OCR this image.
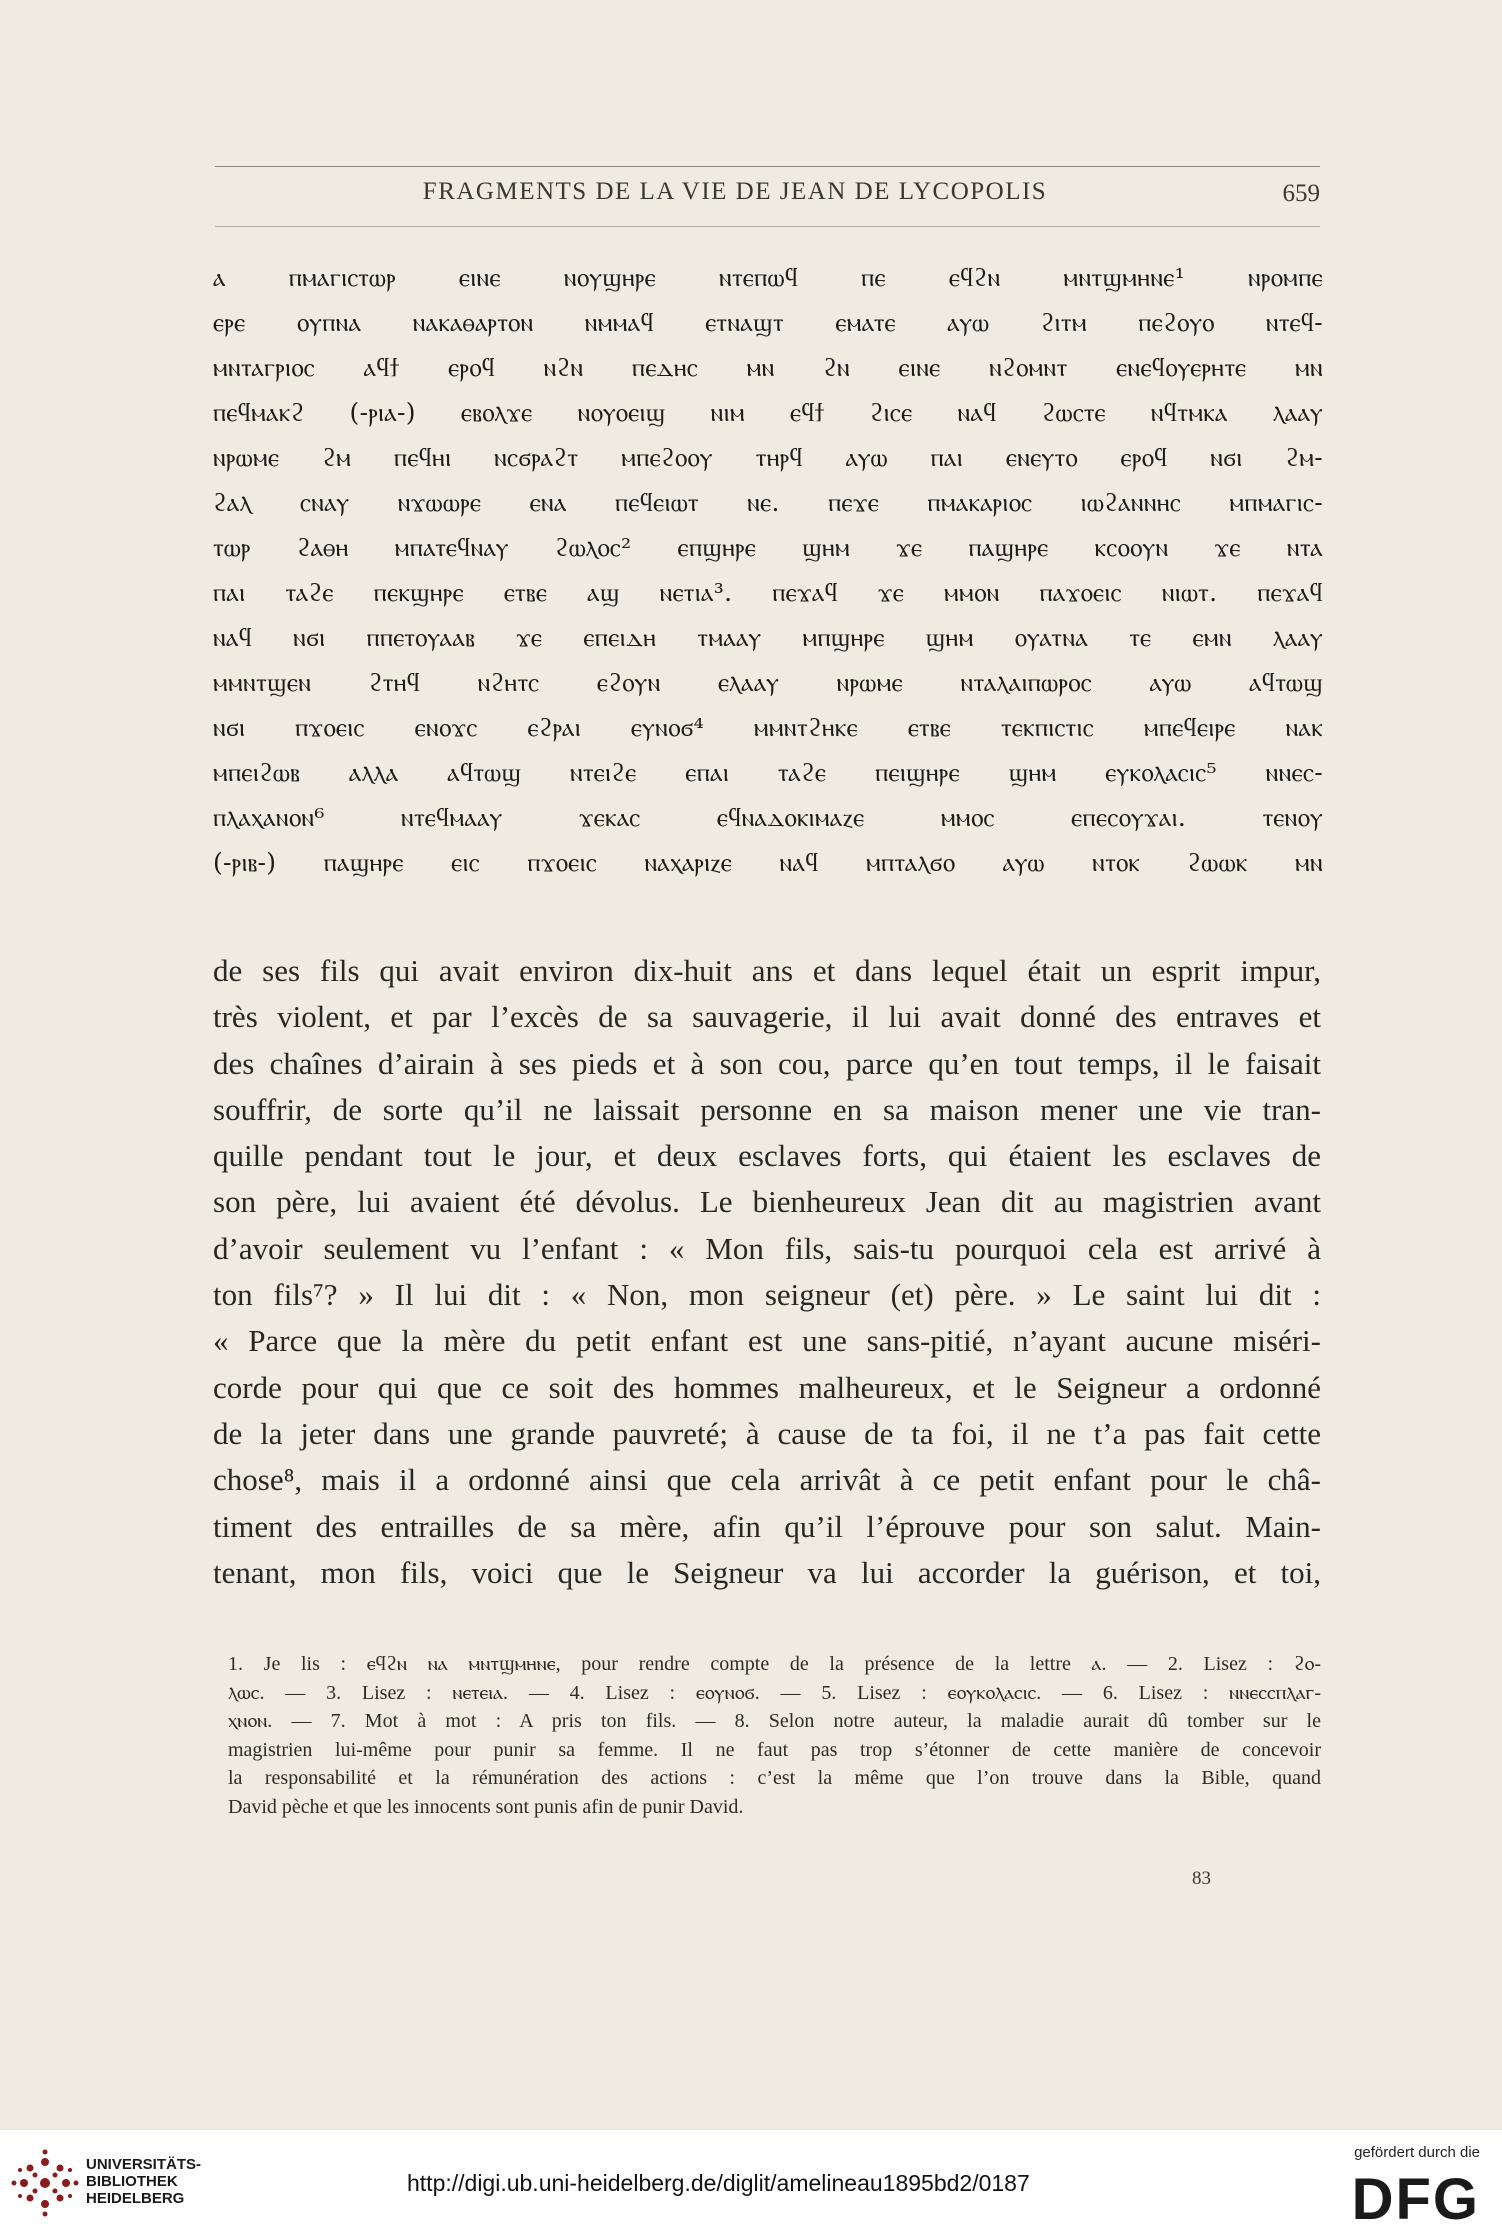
FRAGMENTS DE LA VIE DE JEAN DE LYCOPOLIS	659
ⲁ ⲡⲙⲁⲅⲓⲥⲧⲱⲣ ⲉⲓⲛⲉ ⲛⲟⲩϣⲏⲣⲉ ⲛⲧⲉⲡⲱϥ ⲡⲉ ⲉϥϩⲛ ⲙⲛⲧϣⲙⲏⲛⲉ¹ ⲛⲣⲟⲙⲡⲉ
ⲉⲣⲉ ⲟⲩⲡⲛⲁ ⲛⲁⲕⲁⲑⲁⲣⲧⲟⲛ ⲛⲙⲙⲁϥ ⲉⲧⲛⲁϣⲧ ⲉⲙⲁⲧⲉ ⲁⲩⲱ ϩⲓⲧⲙ ⲡⲉϩⲟⲩⲟ ⲛⲧⲉϥ-
ⲙⲛⲧⲁⲅⲣⲓⲟⲥ ⲁϥϯ ⲉⲣⲟϥ ⲛϩⲛ ⲡⲉⲇⲏⲥ ⲙⲛ ϩⲛ ⲉⲓⲛⲉ ⲛϩⲟⲙⲛⲧ ⲉⲛⲉϥⲟⲩⲉⲣⲏⲧⲉ ⲙⲛ
ⲡⲉϥⲙⲁⲕϩ (-ⲣⲓⲁ-) ⲉⲃⲟⲗϫⲉ ⲛⲟⲩⲟⲉⲓϣ ⲛⲓⲙ ⲉϥϯ ϩⲓⲥⲉ ⲛⲁϥ ϩⲱⲥⲧⲉ ⲛϥⲧⲙⲕⲁ ⲗⲁⲁⲩ
ⲛⲣⲱⲙⲉ ϩⲙ ⲡⲉϥⲏⲓ ⲛⲥϭⲣⲁϩⲧ ⲙⲡⲉϩⲟⲟⲩ ⲧⲏⲣϥ ⲁⲩⲱ ⲡⲁⲓ ⲉⲛⲉⲩⲧⲟ ⲉⲣⲟϥ ⲛϭⲓ ϩⲙ-
ϩⲁⲗ ⲥⲛⲁⲩ ⲛϫⲱⲱⲣⲉ ⲉⲛⲁ ⲡⲉϥⲉⲓⲱⲧ ⲛⲉ. ⲡⲉϫⲉ ⲡⲙⲁⲕⲁⲣⲓⲟⲥ ⲓⲱϩⲁⲛⲛⲏⲥ ⲙⲡⲙⲁⲅⲓⲥ-
ⲧⲱⲣ ϩⲁⲑⲏ ⲙⲡⲁⲧⲉϥⲛⲁⲩ ϩⲱⲗⲟⲥ² ⲉⲡϣⲏⲣⲉ ϣⲏⲙ ϫⲉ ⲡⲁϣⲏⲣⲉ ⲕⲥⲟⲟⲩⲛ ϫⲉ ⲛⲧⲁ
ⲡⲁⲓ ⲧⲁϩⲉ ⲡⲉⲕϣⲏⲣⲉ ⲉⲧⲃⲉ ⲁϣ ⲛⲉⲧⲓⲁ³. ⲡⲉϫⲁϥ ϫⲉ ⲙⲙⲟⲛ ⲡⲁϫⲟⲉⲓⲥ ⲛⲓⲱⲧ. ⲡⲉϫⲁϥ
ⲛⲁϥ ⲛϭⲓ ⲡⲡⲉⲧⲟⲩⲁⲁⲃ ϫⲉ ⲉⲡⲉⲓⲇⲏ ⲧⲙⲁⲁⲩ ⲙⲡϣⲏⲣⲉ ϣⲏⲙ ⲟⲩⲁⲧⲛⲁ ⲧⲉ ⲉⲙⲛ ⲗⲁⲁⲩ
ⲙⲙⲛⲧϣⲉⲛ ϩⲧⲏϥ ⲛϩⲏⲧⲥ ⲉϩⲟⲩⲛ ⲉⲗⲁⲁⲩ ⲛⲣⲱⲙⲉ ⲛⲧⲁⲗⲁⲓⲡⲱⲣⲟⲥ ⲁⲩⲱ ⲁϥⲧⲱϣ
ⲛϭⲓ ⲡϫⲟⲉⲓⲥ ⲉⲛⲟϫⲥ ⲉϩⲣⲁⲓ ⲉⲩⲛⲟϭ⁴ ⲙⲙⲛⲧϩⲏⲕⲉ ⲉⲧⲃⲉ ⲧⲉⲕⲡⲓⲥⲧⲓⲥ ⲙⲡⲉϥⲉⲓⲣⲉ ⲛⲁⲕ
ⲙⲡⲉⲓϩⲱⲃ ⲁⲗⲗⲁ ⲁϥⲧⲱϣ ⲛⲧⲉⲓϩⲉ ⲉⲡⲁⲓ ⲧⲁϩⲉ ⲡⲉⲓϣⲏⲣⲉ ϣⲏⲙ ⲉⲩⲕⲟⲗⲁⲥⲓⲥ⁵ ⲛⲛⲉⲥ-
ⲡⲗⲁⲭⲁⲛⲟⲛ⁶ ⲛⲧⲉϥⲙⲁⲁⲩ ϫⲉⲕⲁⲥ ⲉϥⲛⲁⲇⲟⲕⲓⲙⲁⲍⲉ ⲙⲙⲟⲥ ⲉⲡⲉⲥⲟⲩϫⲁⲓ. ⲧⲉⲛⲟⲩ
(-ⲣⲓⲃ-) ⲡⲁϣⲏⲣⲉ ⲉⲓⲥ ⲡϫⲟⲉⲓⲥ ⲛⲁⲭⲁⲣⲓⲍⲉ ⲛⲁϥ ⲙⲡⲧⲁⲗϭⲟ ⲁⲩⲱ ⲛⲧⲟⲕ ϩⲱⲱⲕ ⲙⲛ
de ses fils qui avait environ dix-huit ans et dans lequel était un esprit impur,
très violent, et par l’excès de sa sauvagerie, il lui avait donné des entraves et
des chaînes d’airain à ses pieds et à son cou, parce qu’en tout temps, il le faisait
souffrir, de sorte qu’il ne laissait personne en sa maison mener une vie tran-
quille pendant tout le jour, et deux esclaves forts, qui étaient les esclaves de
son père, lui avaient été dévolus. Le bienheureux Jean dit au magistrien avant
d’avoir seulement vu l’enfant : « Mon fils, sais-tu pourquoi cela est arrivé à
ton fils⁷? » Il lui dit : « Non, mon seigneur (et) père. » Le saint lui dit :
« Parce que la mère du petit enfant est une sans-pitié, n’ayant aucune miséri-
corde pour qui que ce soit des hommes malheureux, et le Seigneur a ordonné
de la jeter dans une grande pauvreté; à cause de ta foi, il ne t’a pas fait cette
chose⁸, mais il a ordonné ainsi que cela arrivât à ce petit enfant pour le châ-
timent des entrailles de sa mère, afin qu’il l’éprouve pour son salut. Main-
tenant, mon fils, voici que le Seigneur va lui accorder la guérison, et toi,
1. Je lis : ⲉϥϩⲛ ⲛⲁ ⲙⲛⲧϣⲙⲏⲛⲉ, pour rendre compte de la présence de la lettre ⲁ. — 2. Lisez : ϩⲟ-
ⲗⲱⲥ. — 3. Lisez : ⲛⲉⲧⲉⲓⲁ. — 4. Lisez : ⲉⲟⲩⲛⲟϭ. — 5. Lisez : ⲉⲟⲩⲕⲟⲗⲁⲥⲓⲥ. — 6. Lisez : ⲛⲛⲉⲥⲥⲡⲗⲁⲅ-
ⲭⲛⲟⲛ. — 7. Mot à mot : A pris ton fils. — 8. Selon notre auteur, la maladie aurait dû tomber sur le
magistrien lui-même pour punir sa femme. Il ne faut pas trop s’étonner de cette manière de concevoir
la responsabilité et la rémunération des actions : c’est la même que l’on trouve dans la Bible, quand
David pèche et que les innocents sont punis afin de punir David.
83
UNIVERSITÄTS-
BIBLIOTHEK
HEIDELBERG
http://digi.ub.uni-heidelberg.de/diglit/amelineau1895bd2/0187
gefördert durch die
DFG
